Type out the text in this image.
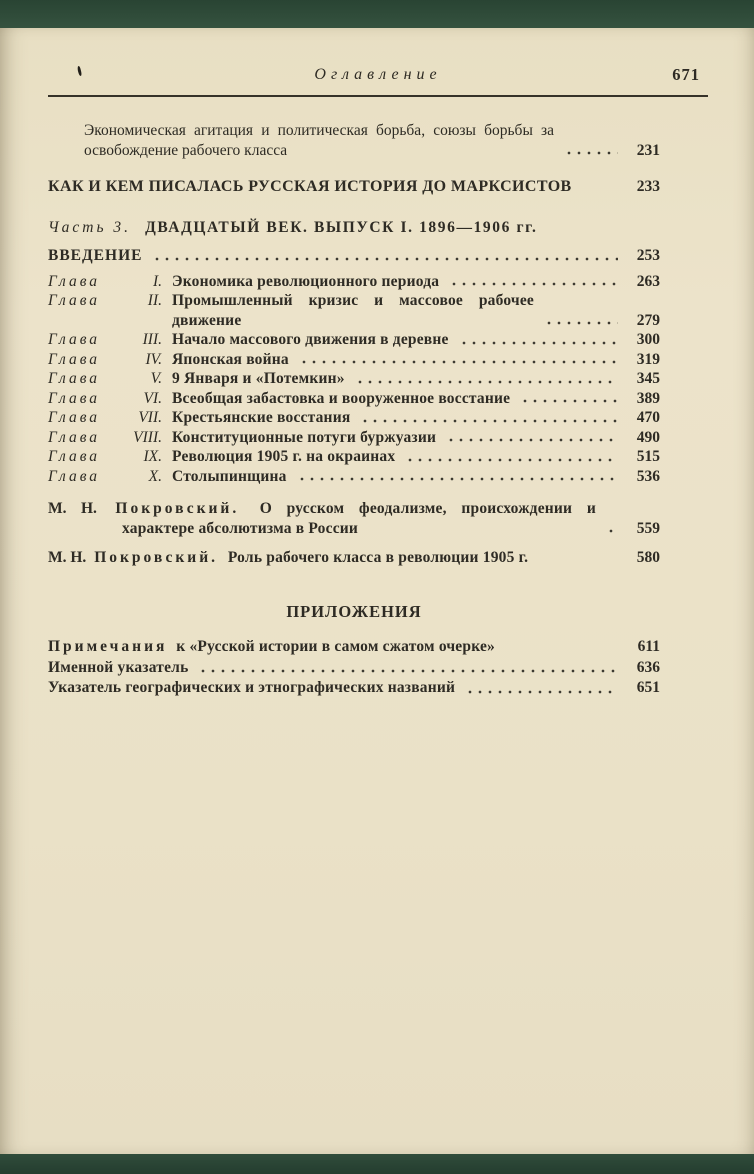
Оглавление	671
Экономическая агитация и политическая борьба, союзы борьбы за освобождение рабочего класса	231
КАК И КЕМ ПИСАЛАСЬ РУССКАЯ ИСТОРИЯ ДО МАРКСИСТОВ	233
Часть 3. ДВАДЦАТЫЙ ВЕК. ВЫПУСК I. 1896—1906 гг.
ВВЕДЕНИЕ	253
Глава	I. Экономика революционного периода	263
Глава	II. Промышленный кризис и массовое рабочее движение	279
Глава	III. Начало массового движения в деревне	300
Глава	IV. Японская война	319
Глава	V. 9 Января и «Потемкин»	345
Глава	VI. Всеобщая забастовка и вооруженное восстание	389
Глава	VII. Крестьянские восстания	470
Глава	VIII. Конституционные потуги буржуазии	490
Глава	IX. Революция 1905 г. на окраинах	515
Глава	X. Столыпинщина	536
М. Н. Покровский. О русском феодализме, происхождении и характере абсолютизма в России	559
М. Н. Покровский. Роль рабочего класса в революции 1905 г.	580
ПРИЛОЖЕНИЯ
Примечания к «Русской истории в самом сжатом очерке»	611
Именной указатель	636
Указатель географических и этнографических названий	651
